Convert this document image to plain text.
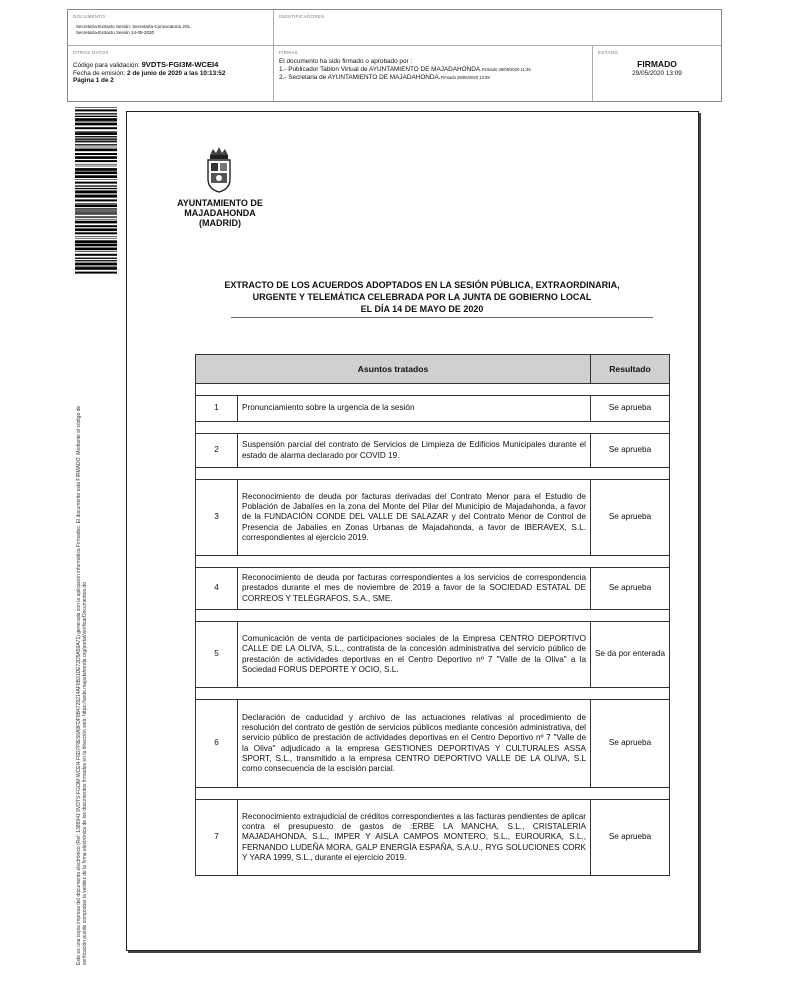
DOCUMENTO
Secretaría-Extracto Sesión: Secretaría-Convocatoria JGL
Secretaría-Extracto Sesión 14-05-2020
IDENTIFICADORES
OTROS DATOS
Código para validación: 9VDTS-FGI3M-WCEI4
Fecha de emisión: 2 de junio de 2020 a las 10:13:52
Página 1 de 2
FIRMAS
El documento ha sido firmado o aprobado por :
1.- Publicador Tablon Virtual de AYUNTAMIENTO DE MAJADAHONDA.Firmado 29/05/2020 11:45
2.- Secretaria de AYUNTAMIENTO DE MAJADAHONDA.Firmado 29/05/2020 13:09
ESTADO
FIRMADO
29/05/2020 13:09
Este es una copia impresa del documento electrónico (Ref: 1386941 9VDTS-FGI3M-WCEI4 F6D7F9E56A9FDF9B4729214AF6B31DE72D5A59A71) generada con la aplicación informática Firmadoc. El documento está FIRMADO. Mediante el código de verificación puede comprobar la validez de la firma electrónica de los documentos firmados en la dirección web: https://sede.majadahonda.org/portal/verificarDocumentos.do
AYUNTAMIENTO DE
MAJADAHONDA
(MADRID)
EXTRACTO DE LOS ACUERDOS ADOPTADOS EN LA SESIÓN PÚBLICA, EXTRAORDINARIA,
URGENTE Y TELEMÁTICA CELEBRADA POR LA JUNTA DE GOBIERNO LOCAL
EL DÍA 14 DE MAYO DE 2020
Asuntos tratados		Resultado

1	Pronunciamiento sobre la urgencia de la sesión	Se aprueba

2	Suspensión parcial del contrato de Servicios de Limpieza de Edificios Municipales durante el estado de alarma declarado por COVID 19.	Se aprueba

3	Reconocimiento de deuda por facturas derivadas del Contrato Menor para el Estudio de Población de Jabalíes en la zona del Monte del Pilar del Municipio de Majadahonda, a favor de la FUNDACIÓN CONDE DEL VALLE DE SALAZAR y del Contrato Menor de Control de Presencia de Jabalíes en Zonas Urbanas de Majadahonda, a favor de IBERAVEX, S.L. correspondientes al ejercicio 2019.	Se aprueba

4	Reconocimiento de deuda por facturas correspondientes a los servicios de correspondencia prestados durante el mes de noviembre de 2019 a favor de la SOCIEDAD ESTATAL DE CORREOS Y TELÉGRAFOS, S.A., SME.	Se aprueba

5	Comunicación de venta de participaciones sociales de la Empresa CENTRO DEPORTIVO CALLE DE LA OLIVA, S.L., contratista de la concesión administrativa del servicio público de prestación de actividades deportivas en el Centro Deportivo nº 7 "Valle de la Oliva" a la Sociedad FORUS DEPORTE Y OCIO, S.L.	Se da por enterada

6	Declaración de caducidad y archivo de las actuaciones relativas al procedimiento de resolución del contrato de gestión de servicios públicos mediante concesión administrativa, del servicio público de prestación de actividades deportivas en el Centro Deportivo nº 7 "Valle de la Oliva" adjudicado a la empresa GESTIONES DEPORTIVAS Y CULTURALES ASSA SPORT, S.L., transmitido a la empresa CENTRO DEPORTIVO VALLE DE LA OLIVA, S.L como consecuencia de la escisión parcial.	Se aprueba

7	Reconocimiento extrajudicial de créditos correspondientes a las facturas pendientes de aplicar contra el presupuesto de gastos de :ERBE LA MANCHA, S.L., CRISTALERIA MAJADAHONDA, S.L., IMPER Y AISLA CAMPOS MONTERO, S.L., EUROURKA, S.L., FERNANDO LUDEÑA MORA, GALP ENERGÍA ESPAÑA, S.A.U., RYG SOLUCIONES CORK Y YARA 1999, S.L., durante el ejercicio 2019.	Se aprueba
